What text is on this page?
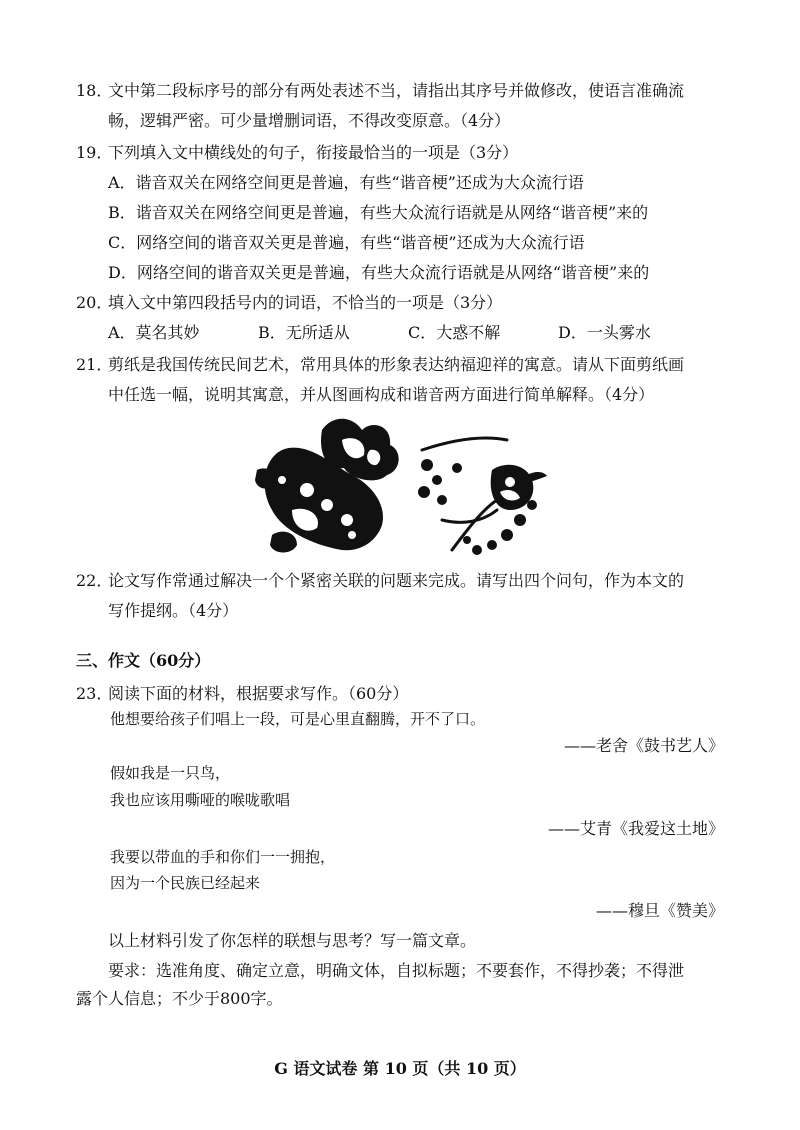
18．文中第二段标序号的部分有两处表述不当，请指出其序号并做修改，使语言准确流
畅，逻辑严密。可少量增删词语，不得改变原意。（4分）
19．下列填入文中横线处的句子，衔接最恰当的一项是（3分）
A．谐音双关在网络空间更是普遍，有些“谐音梗”还成为大众流行语
B．谐音双关在网络空间更是普遍，有些大众流行语就是从网络“谐音梗”来的
C．网络空间的谐音双关更是普遍，有些“谐音梗”还成为大众流行语
D．网络空间的谐音双关更是普遍，有些大众流行语就是从网络“谐音梗”来的
20．填入文中第四段括号内的词语，不恰当的一项是（3分）
A．莫名其妙	B．无所适从	C．大惑不解	D．一头雾水
21．剪纸是我国传统民间艺术，常用具体的形象表达纳福迎祥的寓意。请从下面剪纸画
中任选一幅，说明其寓意，并从图画构成和谐音两方面进行简单解释。（4分）
22．论文写作常通过解决一个个紧密关联的问题来完成。请写出四个问句，作为本文的
写作提纲。（4分）
三、作文（60分）
23．阅读下面的材料，根据要求写作。（60分）
他想要给孩子们唱上一段，可是心里直翻腾，开不了口。
——老舍《鼓书艺人》
假如我是一只鸟，
我也应该用嘶哑的喉咙歌唱
——艾青《我爱这土地》
我要以带血的手和你们一一拥抱，
因为一个民族已经起来
——穆旦《赞美》
以上材料引发了你怎样的联想与思考？写一篇文章。
要求：选准角度、确定立意，明确文体，自拟标题；不要套作，不得抄袭；不得泄
露个人信息；不少于800字。
G 语文试卷 第 10 页（共 10 页）
